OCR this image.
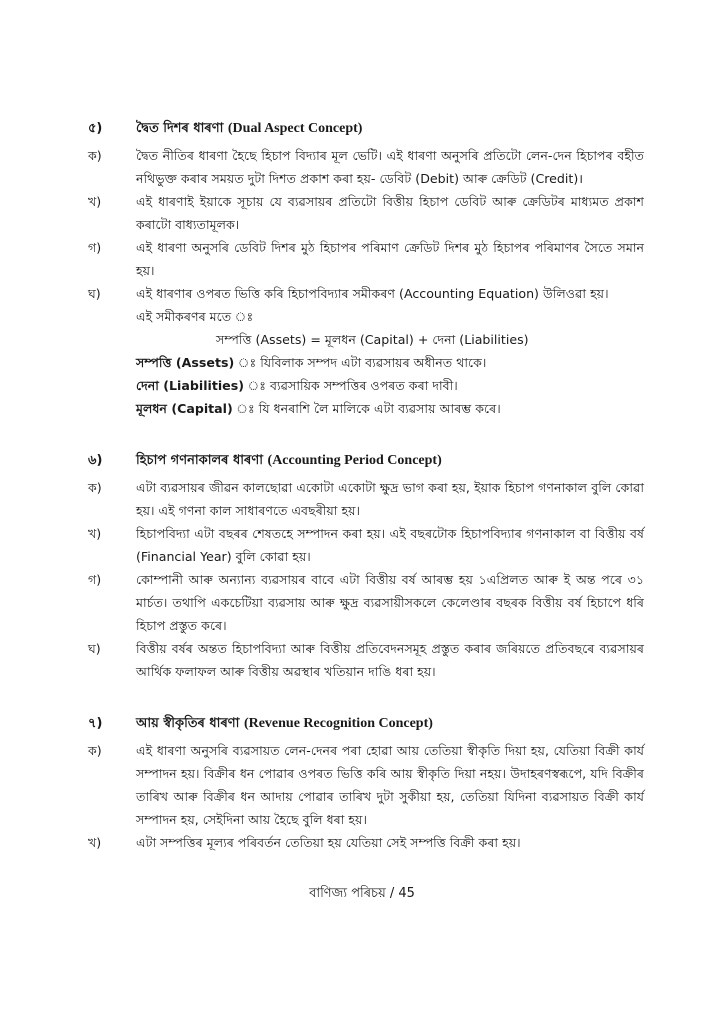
৫)	দ্বৈত দিশৰ ধাৰণা
(Dual Aspect Concept)
ক)	দ্বৈত নীতিৰ ধাৰণা হৈছে হিচাপ বিদ্যাৰ মূল ভেটি। এই ধাৰণা অনুসৰি প্ৰতিটো লেন-দেন হিচাপৰ বহীত নথিভুক্ত কৰাৰ সময়ত দুটা দিশত প্ৰকাশ কৰা হয়- ডেবিট (Debit) আৰু ক্ৰেডিট (Credit)।
খ)	এই ধাৰণাই ইয়াকে সূচায় যে ব্যৱসায়ৰ প্ৰতিটো বিত্তীয় হিচাপ ডেবিট আৰু ক্ৰেডিটৰ মাধ্যমত প্ৰকাশ কৰাটো বাধ্যতামূলক।
গ)	এই ধাৰণা অনুসৰি ডেবিট দিশৰ মুঠ হিচাপৰ পৰিমাণ ক্ৰেডিট দিশৰ মুঠ হিচাপৰ পৰিমাণৰ সৈতে সমান হয়।
ঘ)	এই ধাৰণাৰ ওপৰত ভিত্তি কৰি হিচাপবিদ্যাৰ সমীকৰণ (Accounting Equation) উলিওৱা হয়।
এই সমীকৰণৰ মতে ঃ
সম্পত্তি (Assets) = মূলধন (Capital) + দেনা (Liabilities)
সম্পত্তি (Assets) ঃ যিবিলাক সম্পদ এটা ব্যৱসায়ৰ অধীনত থাকে।
দেনা (Liabilities) ঃ ব্যৱসায়িক সম্পত্তিৰ ওপৰত কৰা দাবী।
মূলধন (Capital) ঃ যি ধনৰাশি লৈ মালিকে এটা ব্যৱসায় আৰম্ভ কৰে।
৬)	হিচাপ গণনাকালৰ ধাৰণা
(Accounting Period Concept)
ক)	এটা ব্যৱসায়ৰ জীৱন কালছোৱা একোটা একোটা ক্ষুদ্ৰ ভাগ কৰা হয়, ইয়াক হিচাপ গণনাকাল বুলি কোৱা হয়। এই গণনা কাল সাধাৰণতে এবছৰীয়া হয়।
খ)	হিচাপবিদ্যা এটা বছৰৰ শেষতহে সম্পাদন কৰা হয়। এই বছৰটোক হিচাপবিদ্যাৰ গণনাকাল বা বিত্তীয় বৰ্ষ (Financial Year) বুলি কোৱা হয়।
গ)	কোম্পানী আৰু অন্যান্য ব্যৱসায়ৰ বাবে এটা বিত্তীয় বৰ্ষ আৰম্ভ হয় ১এপ্ৰিলত আৰু ই অন্ত পৰে ৩১ মাৰ্চত। তথাপি একচেটিয়া ব্যৱসায় আৰু ক্ষুদ্ৰ ব্যৱসায়ীসকলে কেলেণ্ডাৰ বছৰক বিত্তীয় বৰ্ষ হিচাপে ধৰি হিচাপ প্ৰস্তুত কৰে।
ঘ)	বিত্তীয় বৰ্ষৰ অন্তত হিচাপবিদ্যা আৰু বিত্তীয় প্ৰতিবেদনসমূহ প্ৰস্তুত কৰাৰ জৰিয়তে প্ৰতিবছৰে ব্যৱসায়ৰ আৰ্থিক ফলাফল আৰু বিত্তীয় অৱস্থাৰ খতিয়ান দাঙি ধৰা হয়।
৭)	আয় স্বীকৃতিৰ ধাৰণা
(Revenue Recognition Concept)
ক)	এই ধাৰণা অনুসৰি ব্যৱসায়ত লেন-দেনৰ পৰা হোৱা আয় তেতিয়া স্বীকৃতি দিয়া হয়, যেতিয়া বিক্ৰী কাৰ্য সম্পাদন হয়। বিক্ৰীৰ ধন পোৱাৰ ওপৰত ভিত্তি কৰি আয় স্বীকৃতি দিয়া নহয়। উদাহৰণস্বৰূপে, যদি বিক্ৰীৰ তাৰিখ আৰু বিক্ৰীৰ ধন আদায় পোৱাৰ তাৰিখ দুটা সুকীয়া হয়, তেতিয়া যিদিনা ব্যৱসায়ত বিক্ৰী কাৰ্য সম্পাদন হয়, সেইদিনা আয় হৈছে বুলি ধৰা হয়।
খ)	এটা সম্পত্তিৰ মূল্যৰ পৰিবৰ্তন তেতিয়া হয় যেতিয়া সেই সম্পত্তি বিক্ৰী কৰা হয়।
বাণিজ্য পৰিচয় / 45
